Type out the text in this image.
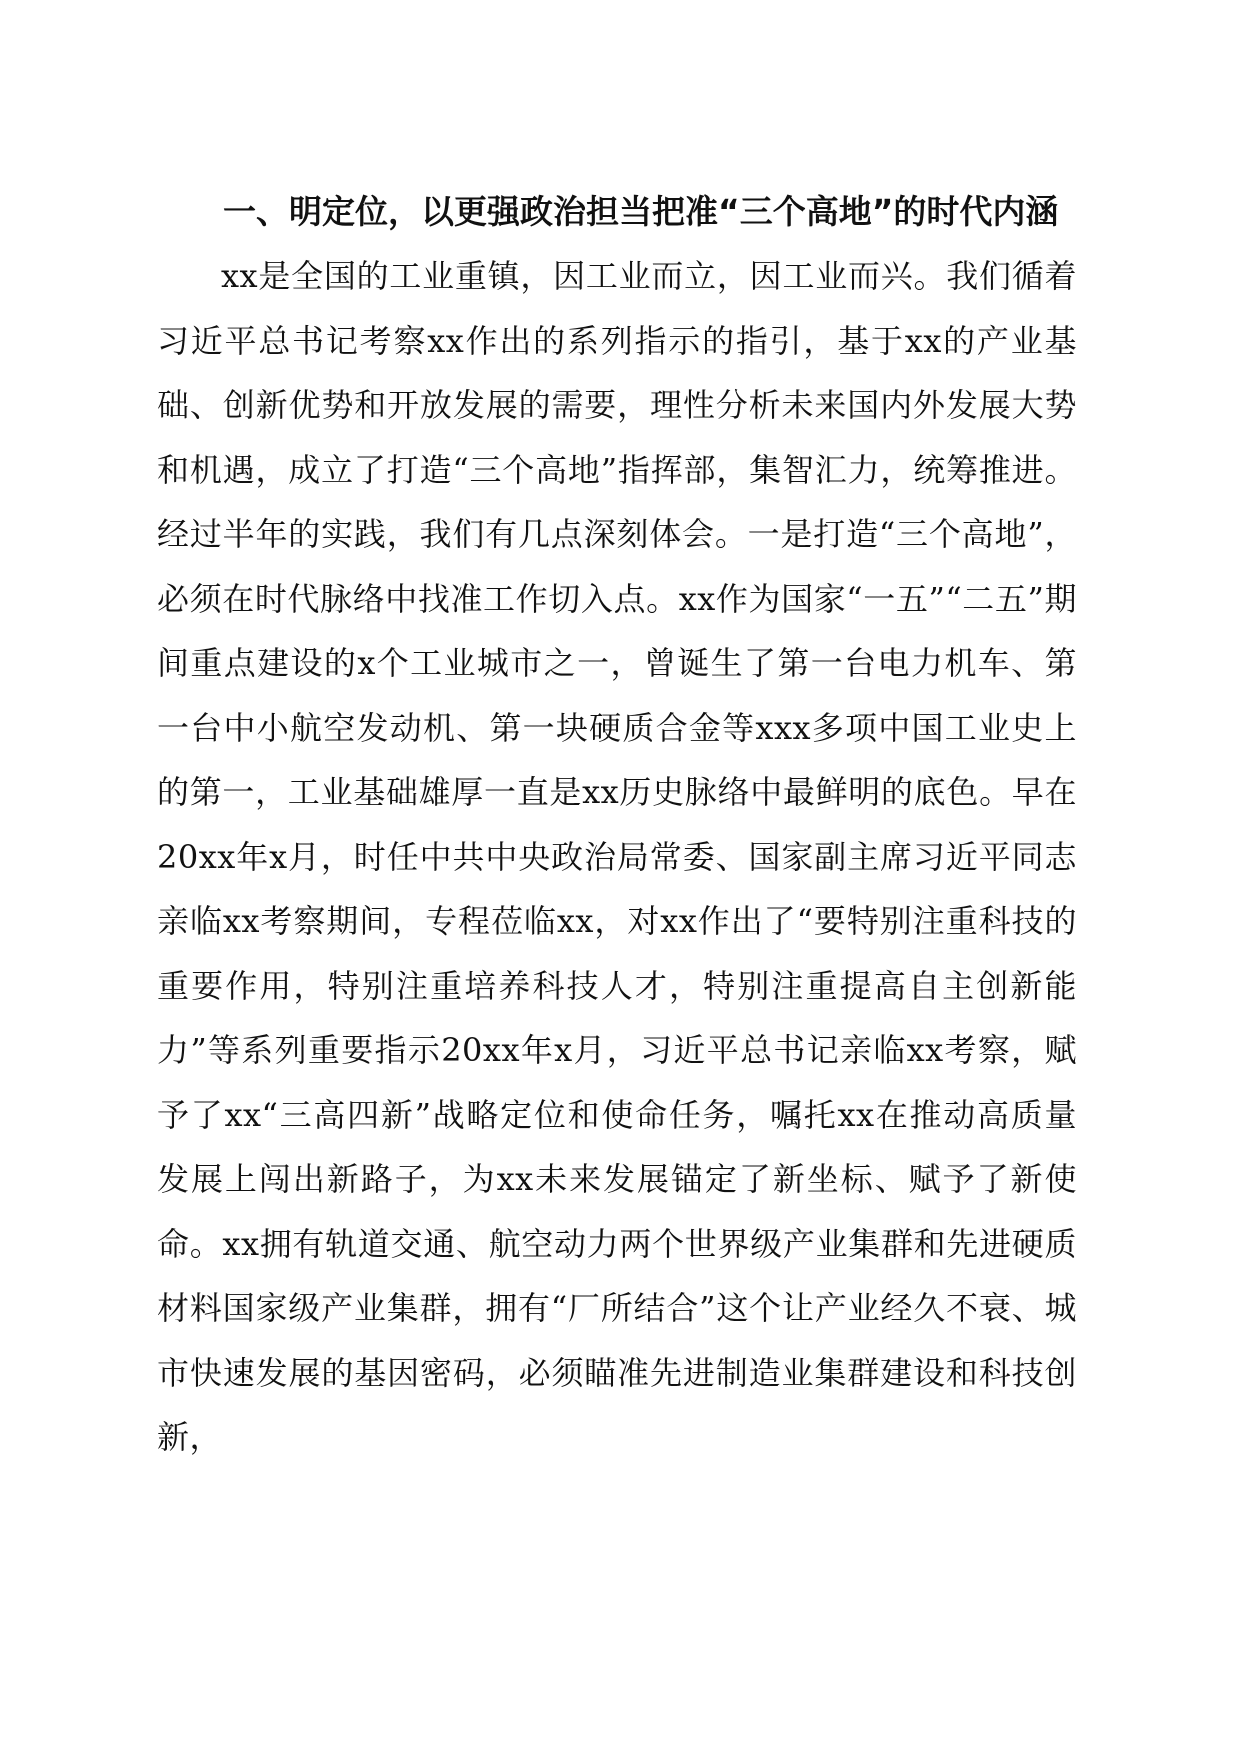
一、明定位，以更强政治担当把准“三个高地”的时代内涵

xx是全国的工业重镇，因工业而立，因工业而兴。我们循着习近平总书记考察xx作出的系列指示的指引，基于xx的产业基础、创新优势和开放发展的需要，理性分析未来国内外发展大势和机遇，成立了打造“三个高地”指挥部，集智汇力，统筹推进。经过半年的实践，我们有几点深刻体会。一是打造“三个高地”，必须在时代脉络中找准工作切入点。xx作为国家“一五”“二五”期间重点建设的x个工业城市之一，曾诞生了第一台电力机车、第一台中小航空发动机、第一块硬质合金等xxx多项中国工业史上的第一，工业基础雄厚一直是xx历史脉络中最鲜明的底色。早在20xx年x月，时任中共中央政治局常委、国家副主席习近平同志亲临xx考察期间，专程莅临xx，对xx作出了“要特别注重科技的重要作用，特别注重培养科技人才，特别注重提高自主创新能力”等系列重要指示20xx年x月，习近平总书记亲临xx考察，赋予了xx“三高四新”战略定位和使命任务，嘱托xx在推动高质量发展上闯出新路子，为xx未来发展锚定了新坐标、赋予了新使命。xx拥有轨道交通、航空动力两个世界级产业集群和先进硬质材料国家级产业集群，拥有“厂所结合”这个让产业经久不衰、城市快速发展的基因密码，必须瞄准先进制造业集群建设和科技创新，
